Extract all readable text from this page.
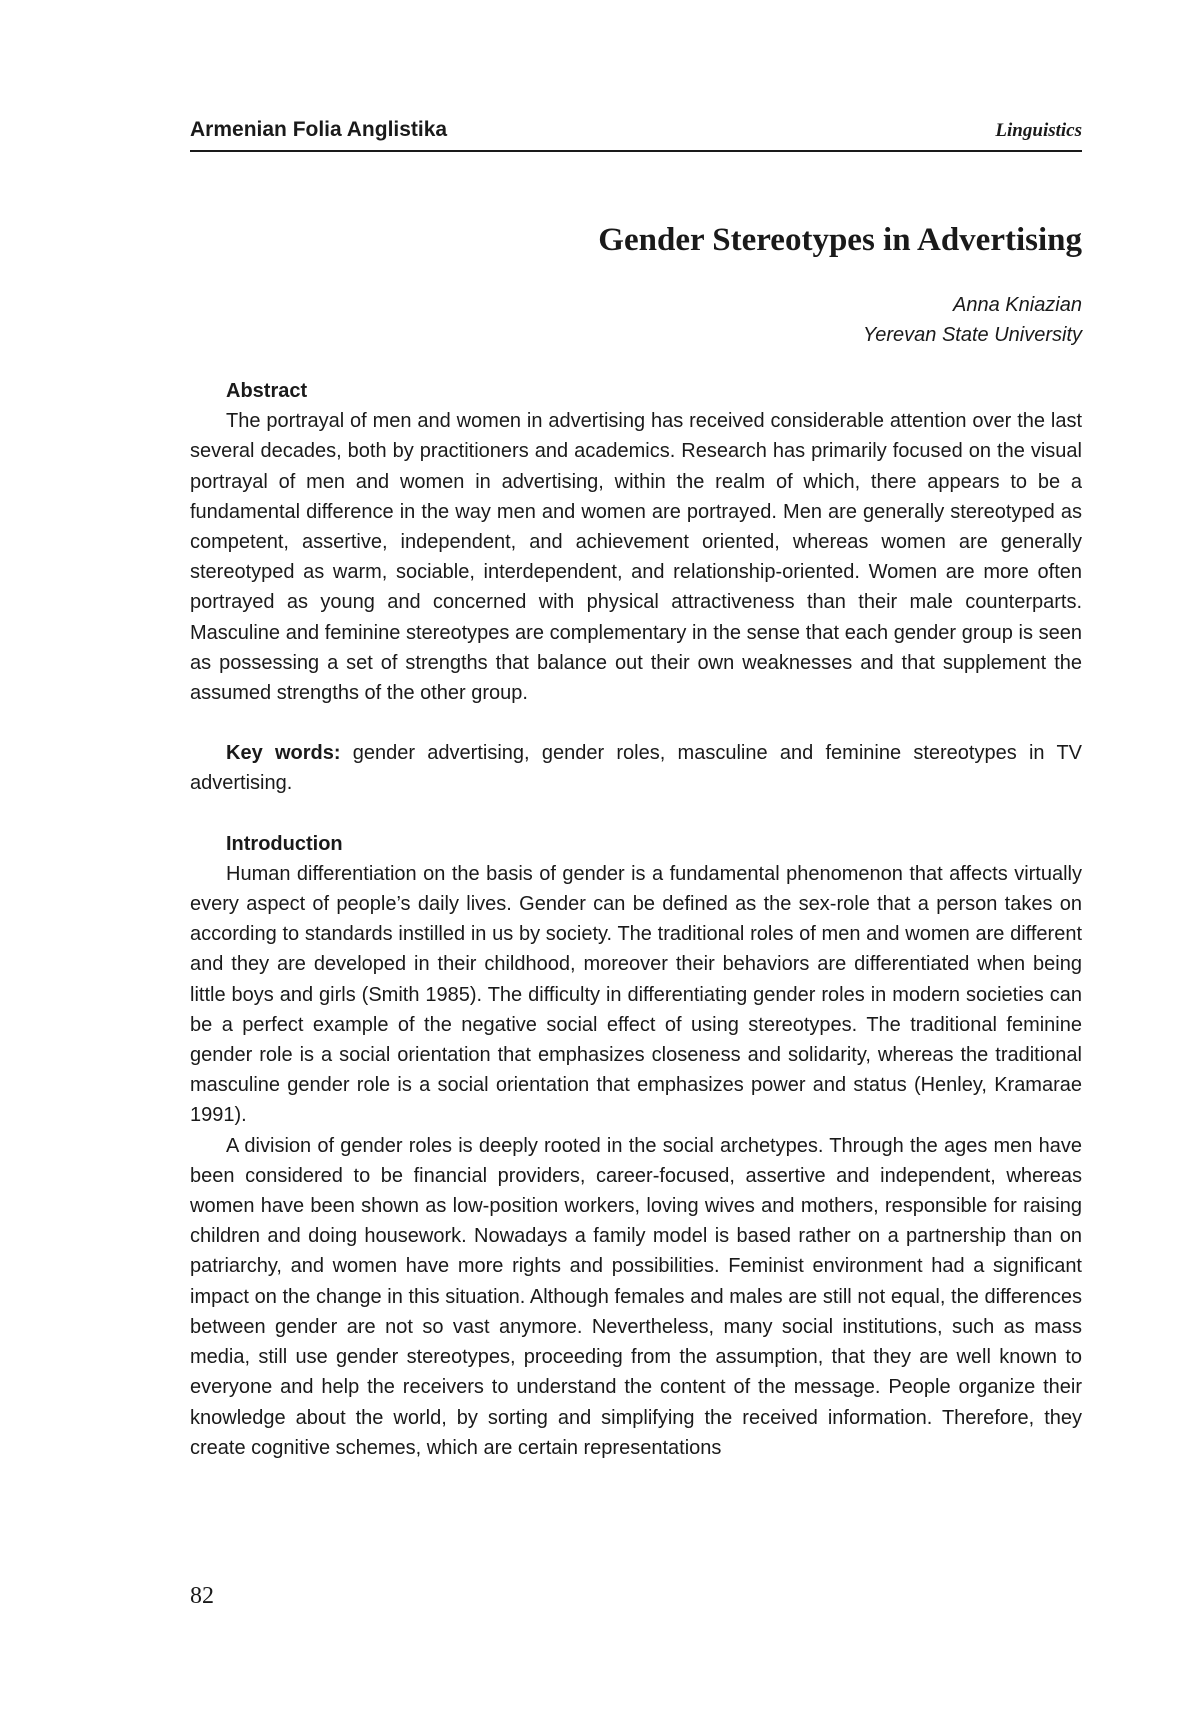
Armenian Folia Anglistika	Linguistics
Gender Stereotypes in Advertising
Anna Kniazian
Yerevan State University
Abstract

The portrayal of men and women in advertising has received considerable attention over the last several decades, both by practitioners and academics. Research has primarily focused on the visual portrayal of men and women in advertising, within the realm of which, there appears to be a fundamental difference in the way men and women are portrayed. Men are generally stereotyped as competent, assertive, independent, and achievement oriented, whereas women are generally stereotyped as warm, sociable, interdependent, and relationship-oriented. Women are more often portrayed as young and concerned with physical attractiveness than their male counterparts. Masculine and feminine stereotypes are complementary in the sense that each gender group is seen as possessing a set of strengths that balance out their own weaknesses and that supplement the assumed strengths of the other group.

Key words: gender advertising, gender roles, masculine and feminine stereotypes in TV advertising.

Introduction

Human differentiation on the basis of gender is a fundamental phenomenon that affects virtually every aspect of people’s daily lives. Gender can be defined as the sex-role that a person takes on according to standards instilled in us by society. The traditional roles of men and women are different and they are developed in their childhood, moreover their behaviors are differentiated when being little boys and girls (Smith 1985). The difficulty in differentiating gender roles in modern societies can be a perfect example of the negative social effect of using stereotypes. The traditional feminine gender role is a social orientation that emphasizes closeness and solidarity, whereas the traditional masculine gender role is a social orientation that emphasizes power and status (Henley, Kramarae 1991).

A division of gender roles is deeply rooted in the social archetypes. Through the ages men have been considered to be financial providers, career-focused, assertive and independent, whereas women have been shown as low-position workers, loving wives and mothers, responsible for raising children and doing housework. Nowadays a family model is based rather on a partnership than on patriarchy, and women have more rights and possibilities. Feminist environment had a significant impact on the change in this situation. Although females and males are still not equal, the differences between gender are not so vast anymore. Nevertheless, many social institutions, such as mass media, still use gender stereotypes, proceeding from the assumption, that they are well known to everyone and help the receivers to understand the content of the message. People organize their knowledge about the world, by sorting and simplifying the received information. Therefore, they create cognitive schemes, which are certain representations

82
